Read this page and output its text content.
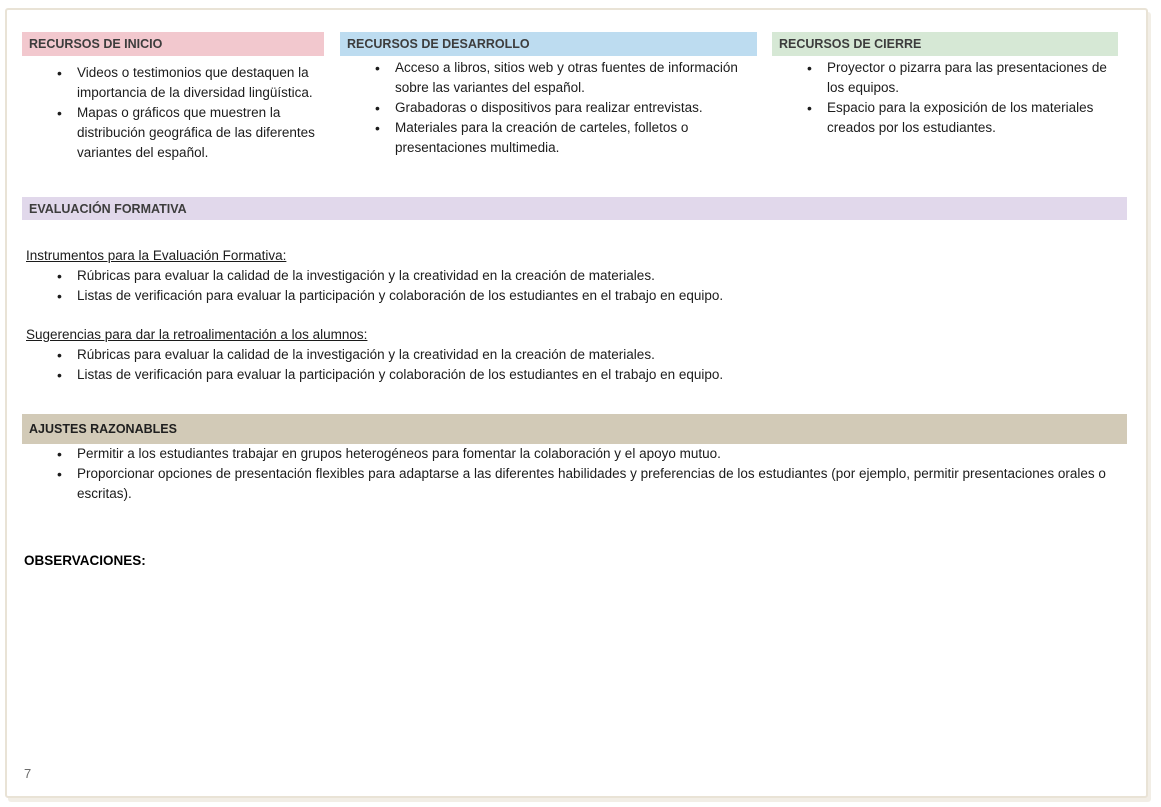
RECURSOS DE INICIO
• Videos o testimonios que destaquen la importancia de la diversidad lingüística.
• Mapas o gráficos que muestren la distribución geográfica de las diferentes variantes del español.
RECURSOS DE DESARROLLO
• Acceso a libros, sitios web y otras fuentes de información sobre las variantes del español.
• Grabadoras o dispositivos para realizar entrevistas.
• Materiales para la creación de carteles, folletos o presentaciones multimedia.
RECURSOS DE CIERRE
• Proyector o pizarra para las presentaciones de los equipos.
• Espacio para la exposición de los materiales creados por los estudiantes.
EVALUACIÓN FORMATIVA
Instrumentos para la Evaluación Formativa:
• Rúbricas para evaluar la calidad de la investigación y la creatividad en la creación de materiales.
• Listas de verificación para evaluar la participación y colaboración de los estudiantes en el trabajo en equipo.
Sugerencias para dar la retroalimentación a los alumnos:
• Rúbricas para evaluar la calidad de la investigación y la creatividad en la creación de materiales.
• Listas de verificación para evaluar la participación y colaboración de los estudiantes en el trabajo en equipo.
AJUSTES RAZONABLES
• Permitir a los estudiantes trabajar en grupos heterogéneos para fomentar la colaboración y el apoyo mutuo.
• Proporcionar opciones de presentación flexibles para adaptarse a las diferentes habilidades y preferencias de los estudiantes (por ejemplo, permitir presentaciones orales o escritas).
OBSERVACIONES:
7
